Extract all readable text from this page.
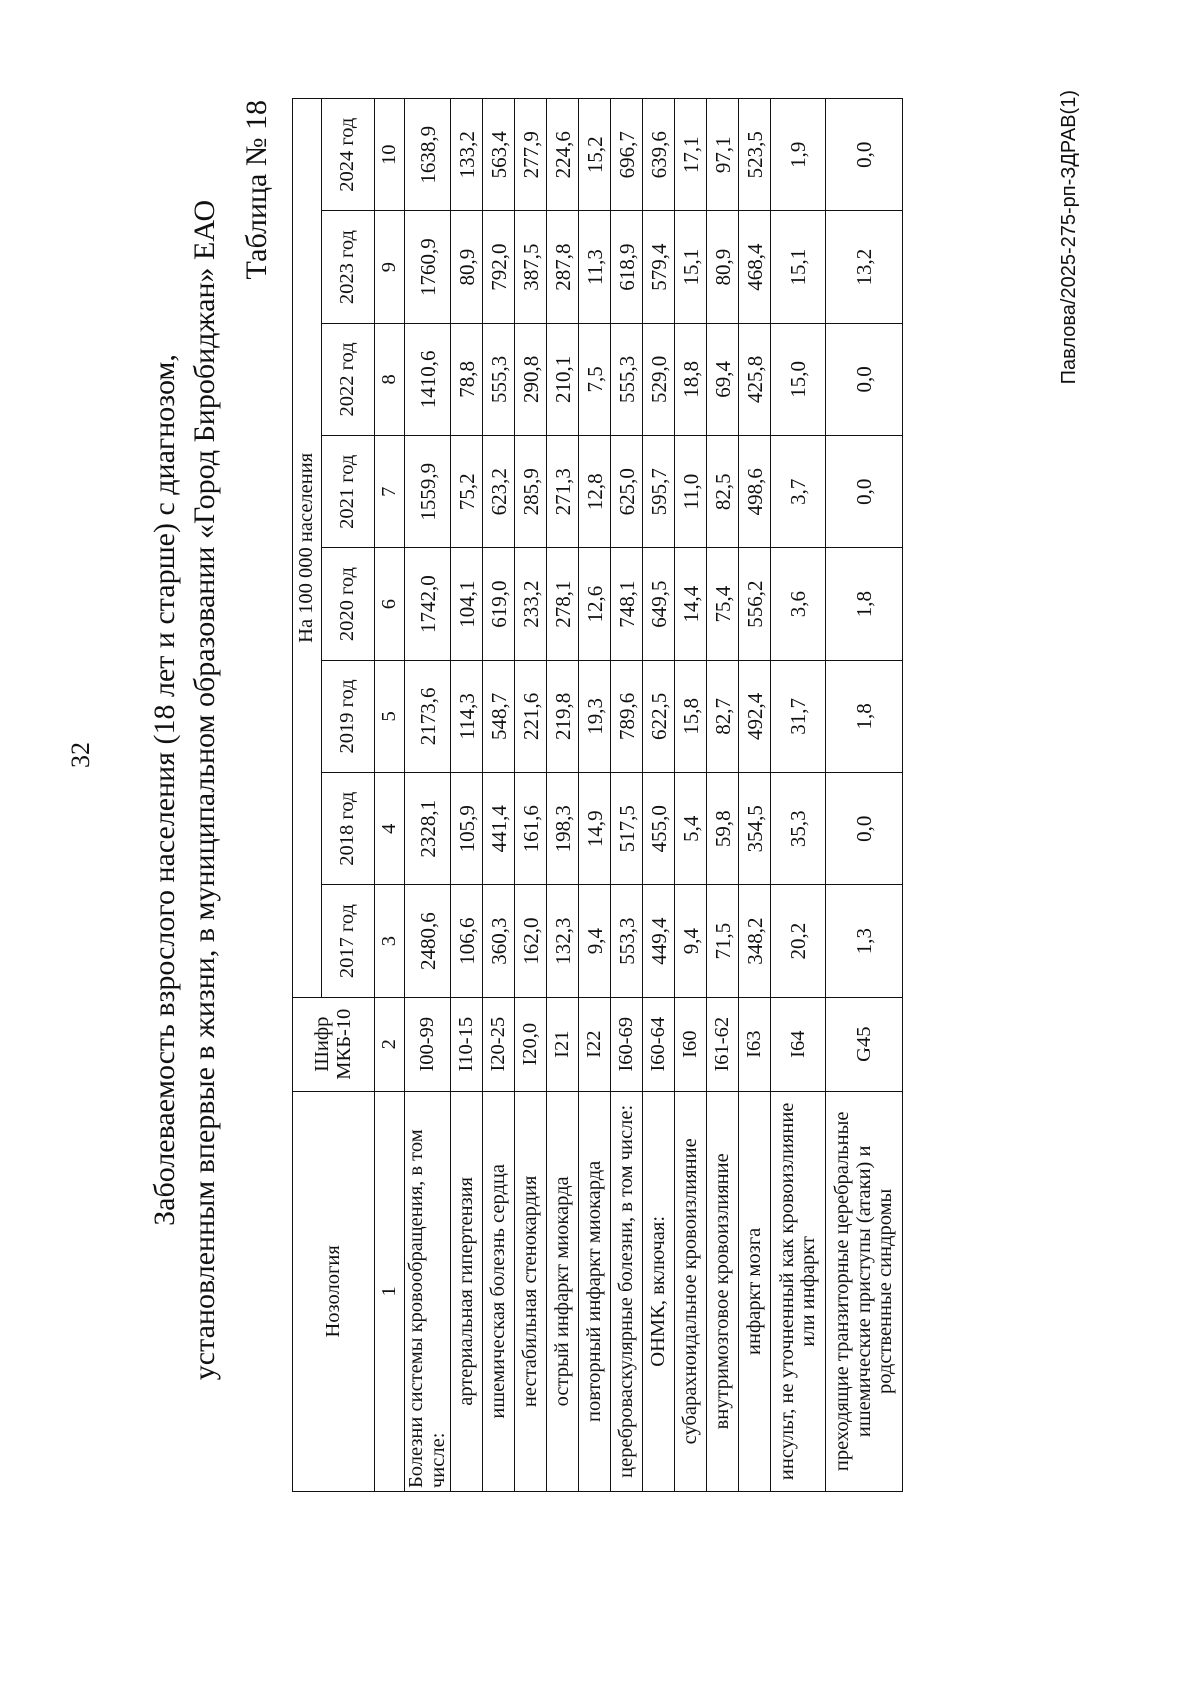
32 Заболеваемость взрослого населения (18 лет и старше) с диагнозом, установленным впервые в жизни, в муниципальном образовании «Город Биробиджан» ЕАО
Таблица № 18
Нозология	Шифр МКБ-10	На 100 000 населения							
		2017 год	2018 год	2019 год	2020 год	2021 год	2022 год	2023 год	2024 год
1	2	3	4	5	6	7	8	9	10
Болезни системы кровообращения, в том числе:	I00-99	2480,6	2328,1	2173,6	1742,0	1559,9	1410,6	1760,9	1638,9
артериальная гипертензия	I10-15	106,6	105,9	114,3	104,1	75,2	78,8	80,9	133,2
ишемическая болезнь сердца	I20-25	360,3	441,4	548,7	619,0	623,2	555,3	792,0	563,4
нестабильная стенокардия	I20,0	162,0	161,6	221,6	233,2	285,9	290,8	387,5	277,9
острый инфаркт миокарда	I21	132,3	198,3	219,8	278,1	271,3	210,1	287,8	224,6
повторный инфаркт миокарда	I22	9,4	14,9	19,3	12,6	12,8	7,5	11,3	15,2
цереброваскулярные болезни, в том числе:	I60-69	553,3	517,5	789,6	748,1	625,0	555,3	618,9	696,7
ОНМК, включая:	I60-64	449,4	455,0	622,5	649,5	595,7	529,0	579,4	639,6
субарахноидальное кровоизлияние	I60	9,4	5,4	15,8	14,4	11,0	18,8	15,1	17,1
внутримозговое кровоизлияние	I61-62	71,5	59,8	82,7	75,4	82,5	69,4	80,9	97,1
инфаркт мозга	I63	348,2	354,5	492,4	556,2	498,6	425,8	468,4	523,5
инсульт, не уточненный как кровоизлияние или инфаркт	I64	20,2	35,3	31,7	3,6	3,7	15,0	15,1	1,9
преходящие транзиторные церебральные ишемические приступы (атаки) и родственные синдромы	G45	1,3	0,0	1,8	1,8	0,0	0,0	13,2	0,0	Павлова/2025-275-рп-ЗДРАВ(1)
